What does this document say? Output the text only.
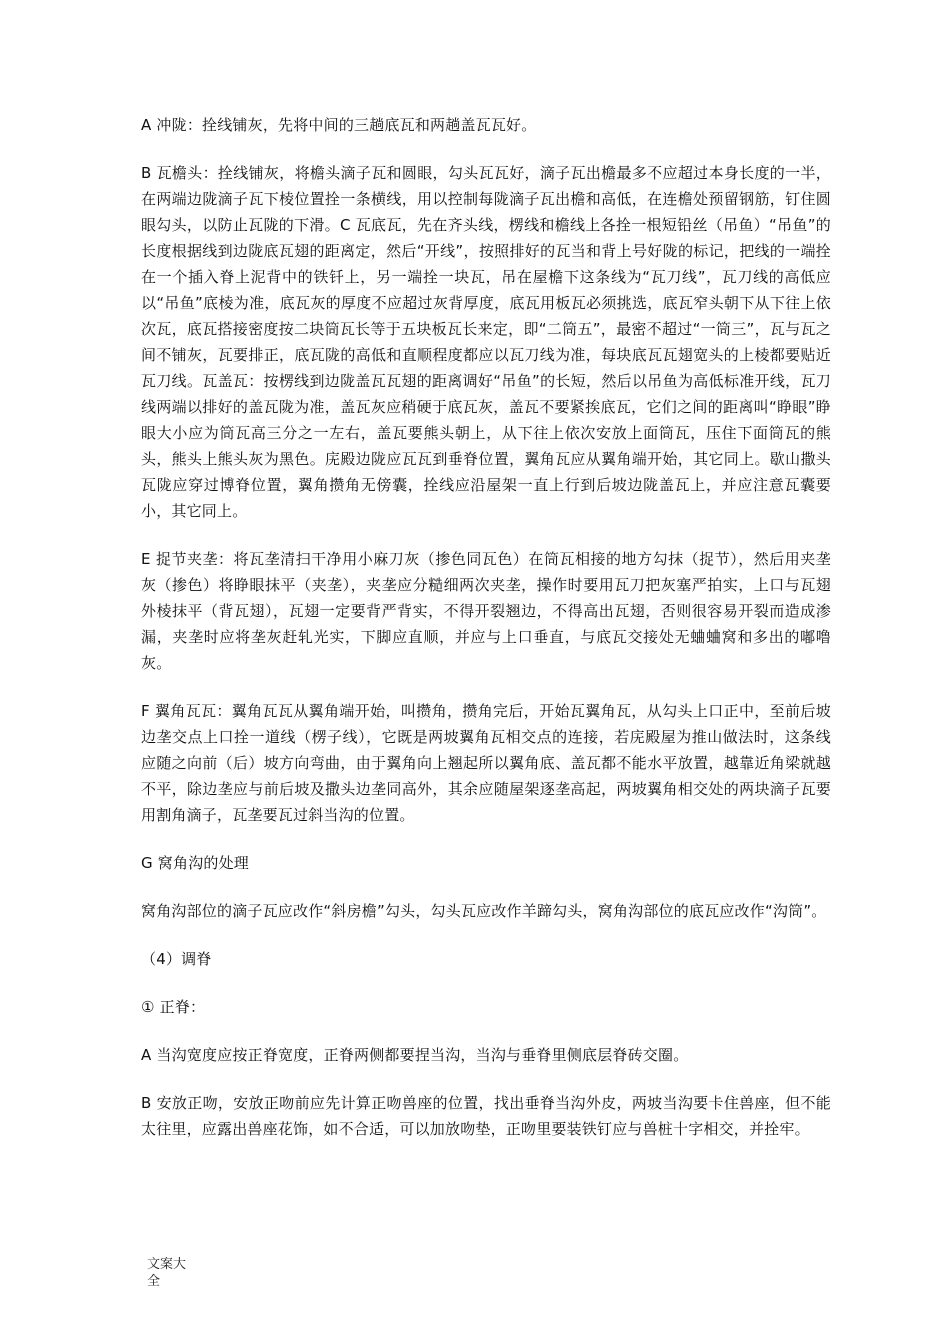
A 冲陇：拴线铺灰，先将中间的三趟底瓦和两趟盖瓦瓦好。

B 瓦檐头：拴线铺灰，将檐头滴子瓦和圆眼，勾头瓦瓦好，滴子瓦出檐最多不应超过本身长度的一半，在两端边陇滴子瓦下棱位置拴一条横线，用以控制每陇滴子瓦出檐和高低，在连檐处预留钢筋，钉住圆眼勾头，以防止瓦陇的下滑。C 瓦底瓦，先在齐头线，楞线和檐线上各拴一根短铅丝（吊鱼）“吊鱼”的长度根据线到边陇底瓦翅的距离定，然后“开线”，按照排好的瓦当和背上号好陇的标记，把线的一端拴在一个插入脊上泥背中的铁钎上，另一端拴一块瓦，吊在屋檐下这条线为“瓦刀线”，瓦刀线的高低应以“吊鱼”底棱为准，底瓦灰的厚度不应超过灰背厚度，底瓦用板瓦必须挑选，底瓦窄头朝下从下往上依次瓦，底瓦搭接密度按二块筒瓦长等于五块板瓦长来定，即“二筒五”，最密不超过“一筒三”，瓦与瓦之间不铺灰，瓦要排正，底瓦陇的高低和直顺程度都应以瓦刀线为准，每块底瓦瓦翅宽头的上棱都要贴近瓦刀线。瓦盖瓦：按楞线到边陇盖瓦瓦翅的距离调好“吊鱼”的长短，然后以吊鱼为高低标准开线，瓦刀线两端以排好的盖瓦陇为准，盖瓦灰应稍硬于底瓦灰，盖瓦不要紧挨底瓦，它们之间的距离叫“睁眼”睁眼大小应为筒瓦高三分之一左右，盖瓦要熊头朝上，从下往上依次安放上面筒瓦，压住下面筒瓦的熊头，熊头上熊头灰为黑色。庑殿边陇应瓦瓦到垂脊位置，翼角瓦应从翼角端开始，其它同上。歇山撒头瓦陇应穿过博脊位置，翼角攒角无傍囊，拴线应沿屋架一直上行到后坡边陇盖瓦上，并应注意瓦囊要小，其它同上。

E 捉节夹垄：将瓦垄清扫干净用小麻刀灰（掺色同瓦色）在筒瓦相接的地方勾抹（捉节），然后用夹垄灰（掺色）将睁眼抹平（夹垄），夹垄应分糙细两次夹垄，操作时要用瓦刀把灰塞严拍实，上口与瓦翅外棱抹平（背瓦翅），瓦翅一定要背严背实，不得开裂翘边，不得高出瓦翅，否则很容易开裂而造成渗漏，夹垄时应将垄灰赶轧光实，下脚应直顺，并应与上口垂直，与底瓦交接处无蛐蛐窝和多出的嘟噜灰。

F 翼角瓦瓦：翼角瓦瓦从翼角端开始，叫攒角，攒角完后，开始瓦翼角瓦，从勾头上口正中，至前后坡边垄交点上口拴一道线（楞子线），它既是两坡翼角瓦相交点的连接，若庑殿屋为推山做法时，这条线应随之向前（后）坡方向弯曲，由于翼角向上翘起所以翼角底、盖瓦都不能水平放置，越靠近角梁就越不平，除边垄应与前后坡及撒头边垄同高外，其余应随屋架逐垄高起，两坡翼角相交处的两块滴子瓦要用割角滴子，瓦垄要瓦过斜当沟的位置。

G 窝角沟的处理

窝角沟部位的滴子瓦应改作“斜房檐”勾头，勾头瓦应改作羊蹄勾头，窝角沟部位的底瓦应改作“沟筒”。

（4）调脊

① 正脊：

A 当沟宽度应按正脊宽度，正脊两侧都要捏当沟，当沟与垂脊里侧底层脊砖交圈。

B 安放正吻，安放正吻前应先计算正吻兽座的位置，找出垂脊当沟外皮，两坡当沟要卡住兽座，但不能太往里，应露出兽座花饰，如不合适，可以加放吻垫，正吻里要装铁钉应与兽桩十字相交，并拴牢。

文案大全
